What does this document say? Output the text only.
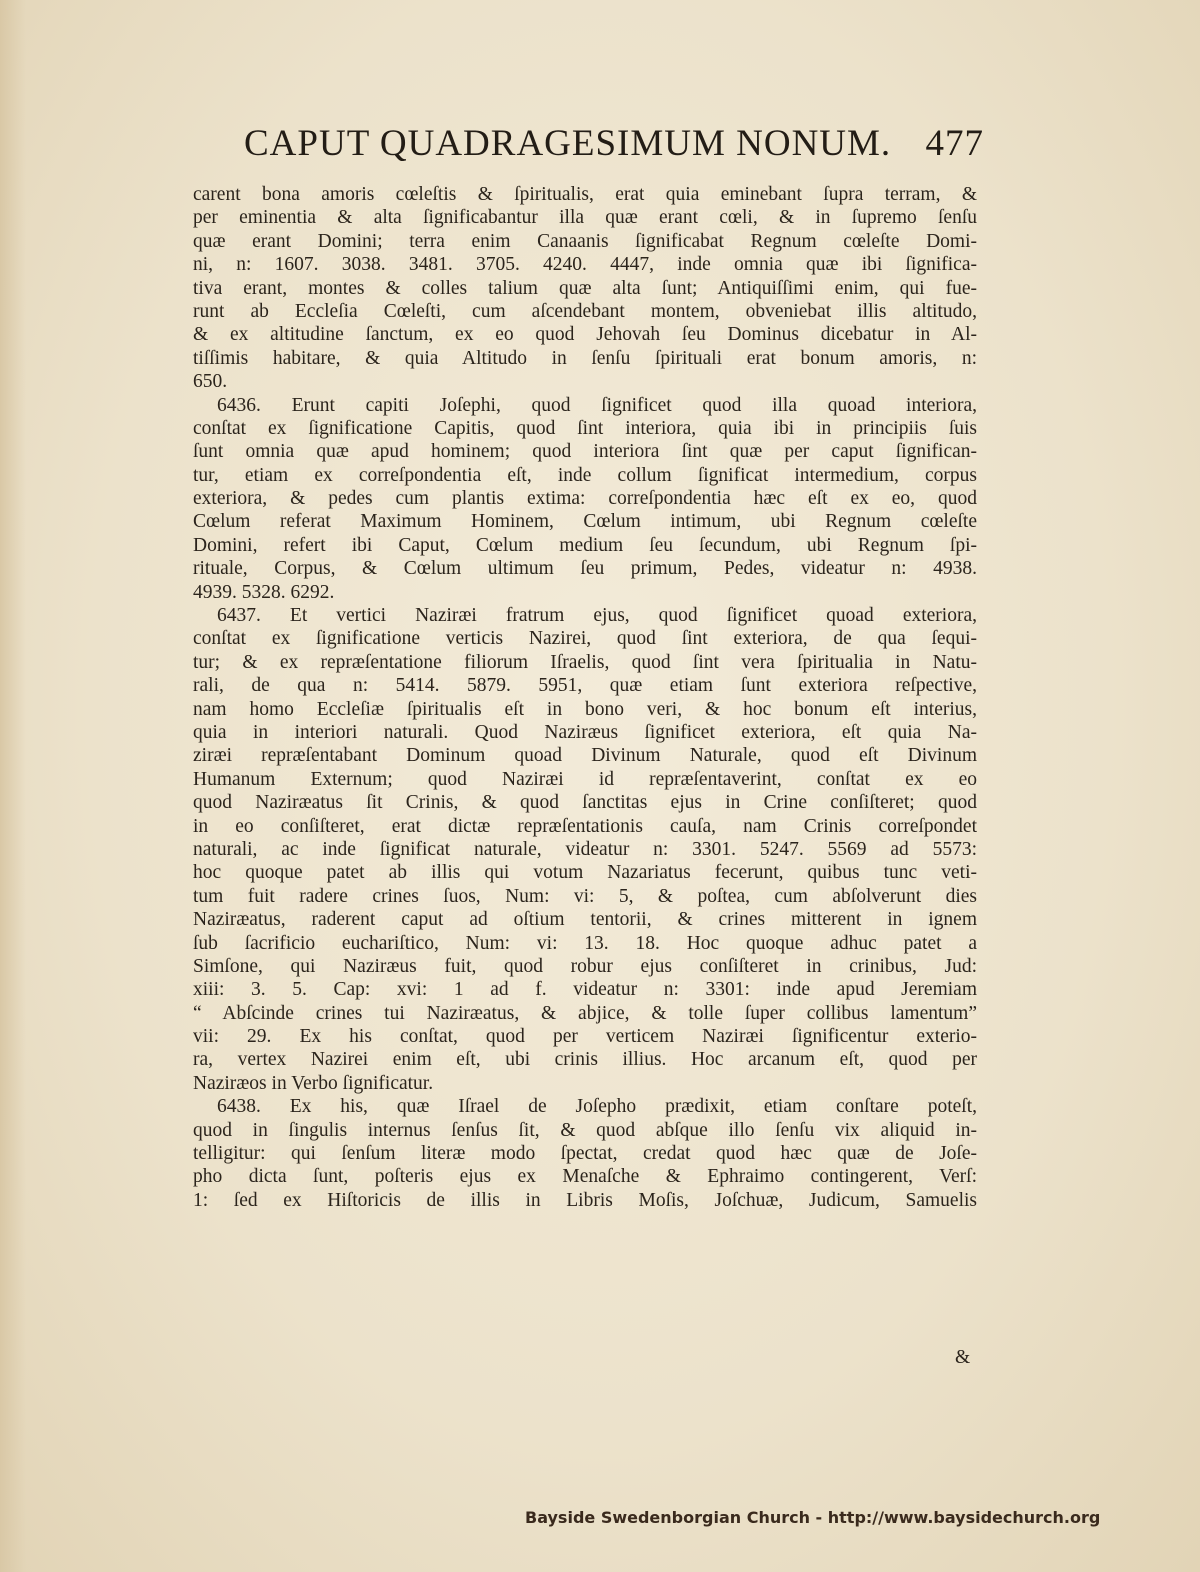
CAPUT QUADRAGESIMUM NONUM. 477
carent bona amoris cœleſtis & ſpiritualis, erat quia eminebant ſupra terram, &
per eminentia & alta ſignificabantur illa quæ erant cœli, & in ſupremo ſenſu
quæ erant Domini; terra enim Canaanis ſignificabat Regnum cœleſte Domi-
ni, n: 1607. 3038. 3481. 3705. 4240. 4447, inde omnia quæ ibi ſignifica-
tiva erant, montes & colles talium quæ alta ſunt; Antiquiſſimi enim, qui fue-
runt ab Eccleſia Cœleſti, cum aſcendebant montem, obveniebat illis altitudo,
& ex altitudine ſanctum, ex eo quod Jehovah ſeu Dominus dicebatur in Al-
tiſſimis habitare, & quia Altitudo in ſenſu ſpirituali erat bonum amoris, n:
650.
6436. Erunt capiti Joſephi, quod ſignificet quod illa quoad interiora,
conſtat ex ſignificatione Capitis, quod ſint interiora, quia ibi in principiis ſuis
ſunt omnia quæ apud hominem; quod interiora ſint quæ per caput ſignifican-
tur, etiam ex correſpondentia eſt, inde collum ſignificat intermedium, corpus
exteriora, & pedes cum plantis extima: correſpondentia hæc eſt ex eo, quod
Cœlum referat Maximum Hominem, Cœlum intimum, ubi Regnum cœleſte
Domini, refert ibi Caput, Cœlum medium ſeu ſecundum, ubi Regnum ſpi-
rituale, Corpus, & Cœlum ultimum ſeu primum, Pedes, videatur n: 4938.
4939. 5328. 6292.
6437. Et vertici Naziræi fratrum ejus, quod ſignificet quoad exteriora,
conſtat ex ſignificatione verticis Nazirei, quod ſint exteriora, de qua ſequi-
tur; & ex repræſentatione filiorum Iſraelis, quod ſint vera ſpiritualia in Natu-
rali, de qua n: 5414. 5879. 5951, quæ etiam ſunt exteriora reſpective,
nam homo Eccleſiæ ſpiritualis eſt in bono veri, & hoc bonum eſt interius,
quia in interiori naturali. Quod Naziræus ſignificet exteriora, eſt quia Na-
ziræi repræſentabant Dominum quoad Divinum Naturale, quod eſt Divinum
Humanum Externum; quod Naziræi id repræſentaverint, conſtat ex eo
quod Naziræatus ſit Crinis, & quod ſanctitas ejus in Crine conſiſteret; quod
in eo conſiſteret, erat dictæ repræſentationis cauſa, nam Crinis correſpondet
naturali, ac inde ſignificat naturale, videatur n: 3301. 5247. 5569 ad 5573:
hoc quoque patet ab illis qui votum Nazariatus fecerunt, quibus tunc veti-
tum fuit radere crines ſuos, Num: vi: 5, & poſtea, cum abſolverunt dies
Naziræatus, raderent caput ad oſtium tentorii, & crines mitterent in ignem
ſub ſacrificio euchariſtico, Num: vi: 13. 18. Hoc quoque adhuc patet a
Simſone, qui Naziræus fuit, quod robur ejus conſiſteret in crinibus, Jud:
xiii: 3. 5. Cap: xvi: 1 ad f. videatur n: 3301: inde apud Jeremiam
“ Abſcinde crines tui Naziræatus, & abjice, & tolle ſuper collibus lamentum”
vii: 29. Ex his conſtat, quod per verticem Naziræi ſignificentur exterio-
ra, vertex Nazirei enim eſt, ubi crinis illius. Hoc arcanum eſt, quod per
Naziræos in Verbo ſignificatur.
6438. Ex his, quæ Iſrael de Joſepho prædixit, etiam conſtare poteſt,
quod in ſingulis internus ſenſus ſit, & quod abſque illo ſenſu vix aliquid in-
telligitur: qui ſenſum literæ modo ſpectat, credat quod hæc quæ de Joſe-
pho dicta ſunt, poſteris ejus ex Menaſche & Ephraimo contingerent, Verſ:
1: ſed ex Hiſtoricis de illis in Libris Moſis, Joſchuæ, Judicum, Samuelis
&
Bayside Swedenborgian Church - http://www.baysidechurch.org
